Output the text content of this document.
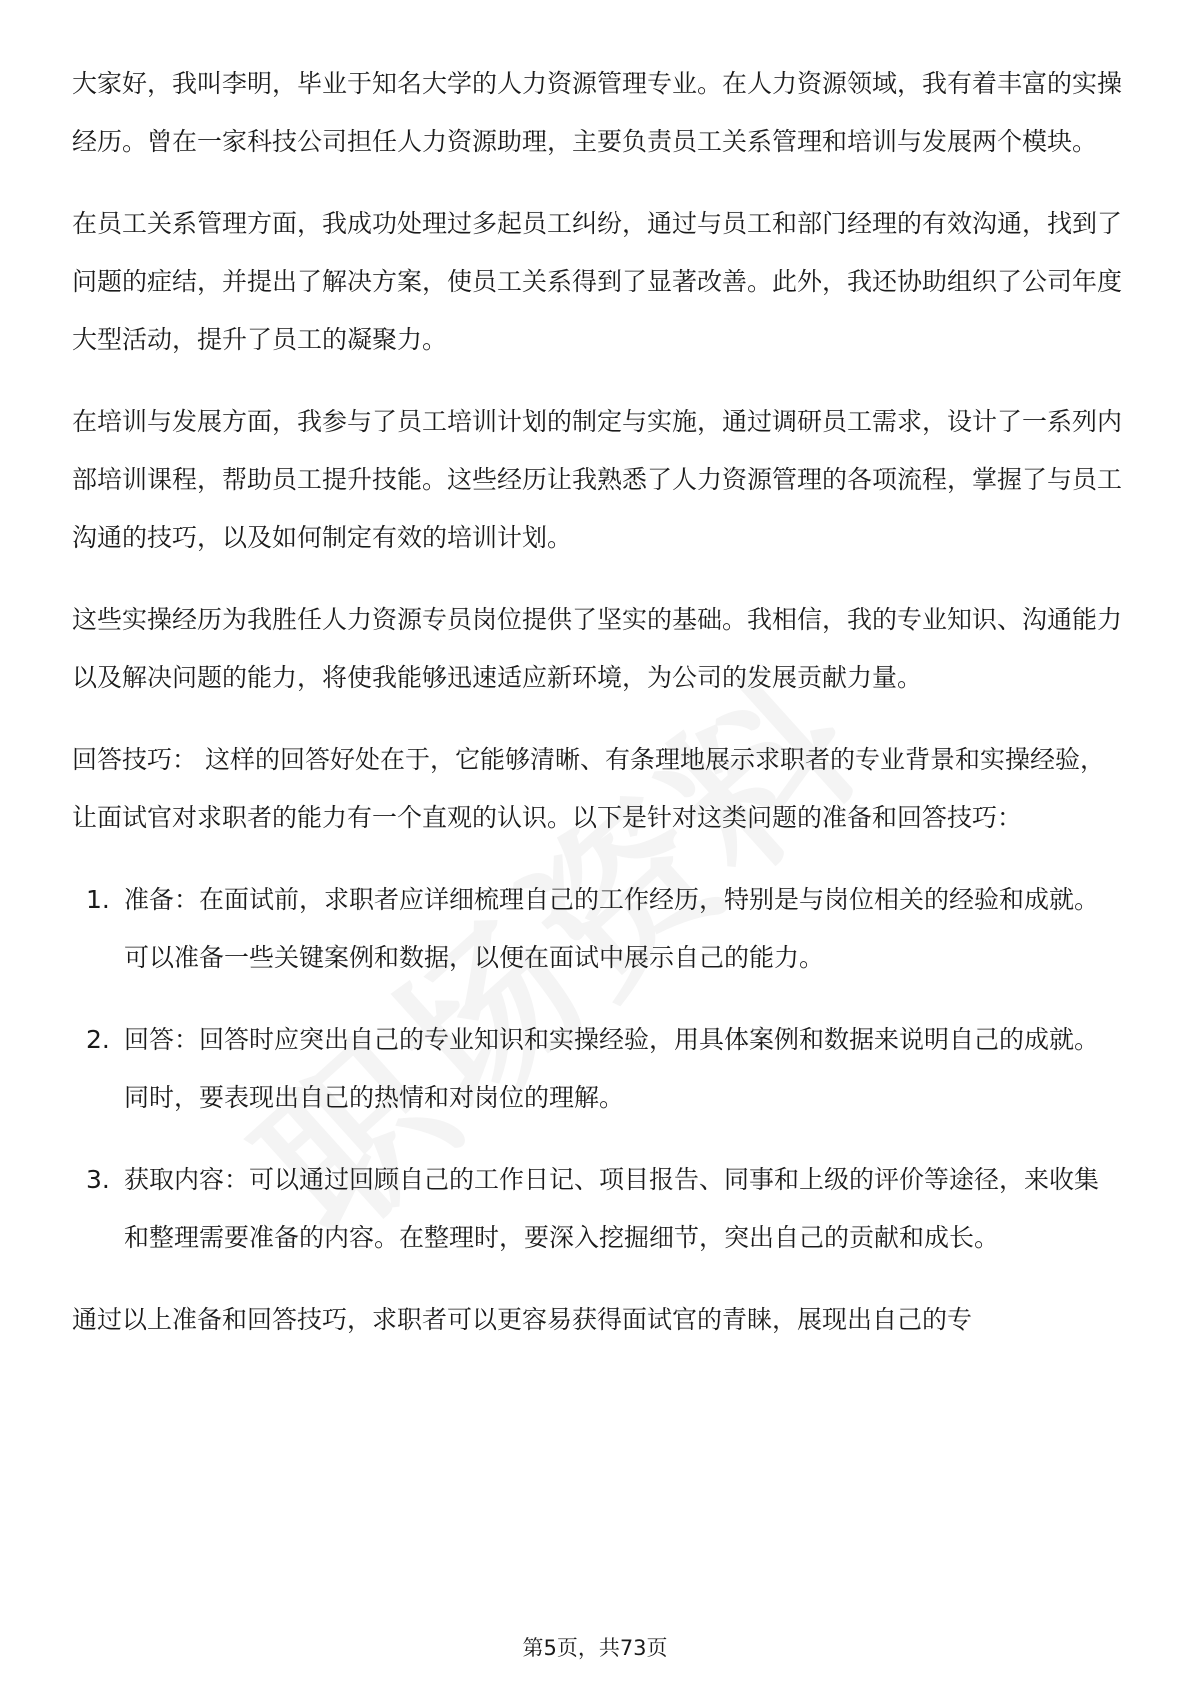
大家好，我叫李明，毕业于知名大学的人力资源管理专业。在人力资源领域，我有着丰富的实操经历。曾在一家科技公司担任人力资源助理，主要负责员工关系管理和培训与发展两个模块。

在员工关系管理方面，我成功处理过多起员工纠纷，通过与员工和部门经理的有效沟通，找到了问题的症结，并提出了解决方案，使员工关系得到了显著改善。此外，我还协助组织了公司年度大型活动，提升了员工的凝聚力。

在培训与发展方面，我参与了员工培训计划的制定与实施，通过调研员工需求，设计了一系列内部培训课程，帮助员工提升技能。这些经历让我熟悉了人力资源管理的各项流程，掌握了与员工沟通的技巧，以及如何制定有效的培训计划。

这些实操经历为我胜任人力资源专员岗位提供了坚实的基础。我相信，我的专业知识、沟通能力以及解决问题的能力，将使我能够迅速适应新环境，为公司的发展贡献力量。

回答技巧： 这样的回答好处在于，它能够清晰、有条理地展示求职者的专业背景和实操经验，让面试官对求职者的能力有一个直观的认识。以下是针对这类问题的准备和回答技巧：

1. 准备：在面试前，求职者应详细梳理自己的工作经历，特别是与岗位相关的经验和成就。可以准备一些关键案例和数据，以便在面试中展示自己的能力。
2. 回答：回答时应突出自己的专业知识和实操经验，用具体案例和数据来说明自己的成就。同时，要表现出自己的热情和对岗位的理解。
3. 获取内容：可以通过回顾自己的工作日记、项目报告、同事和上级的评价等途径，来收集和整理需要准备的内容。在整理时，要深入挖掘细节，突出自己的贡献和成长。

通过以上准备和回答技巧，求职者可以更容易获得面试官的青睐，展现出自己的专

第5页，共73页
